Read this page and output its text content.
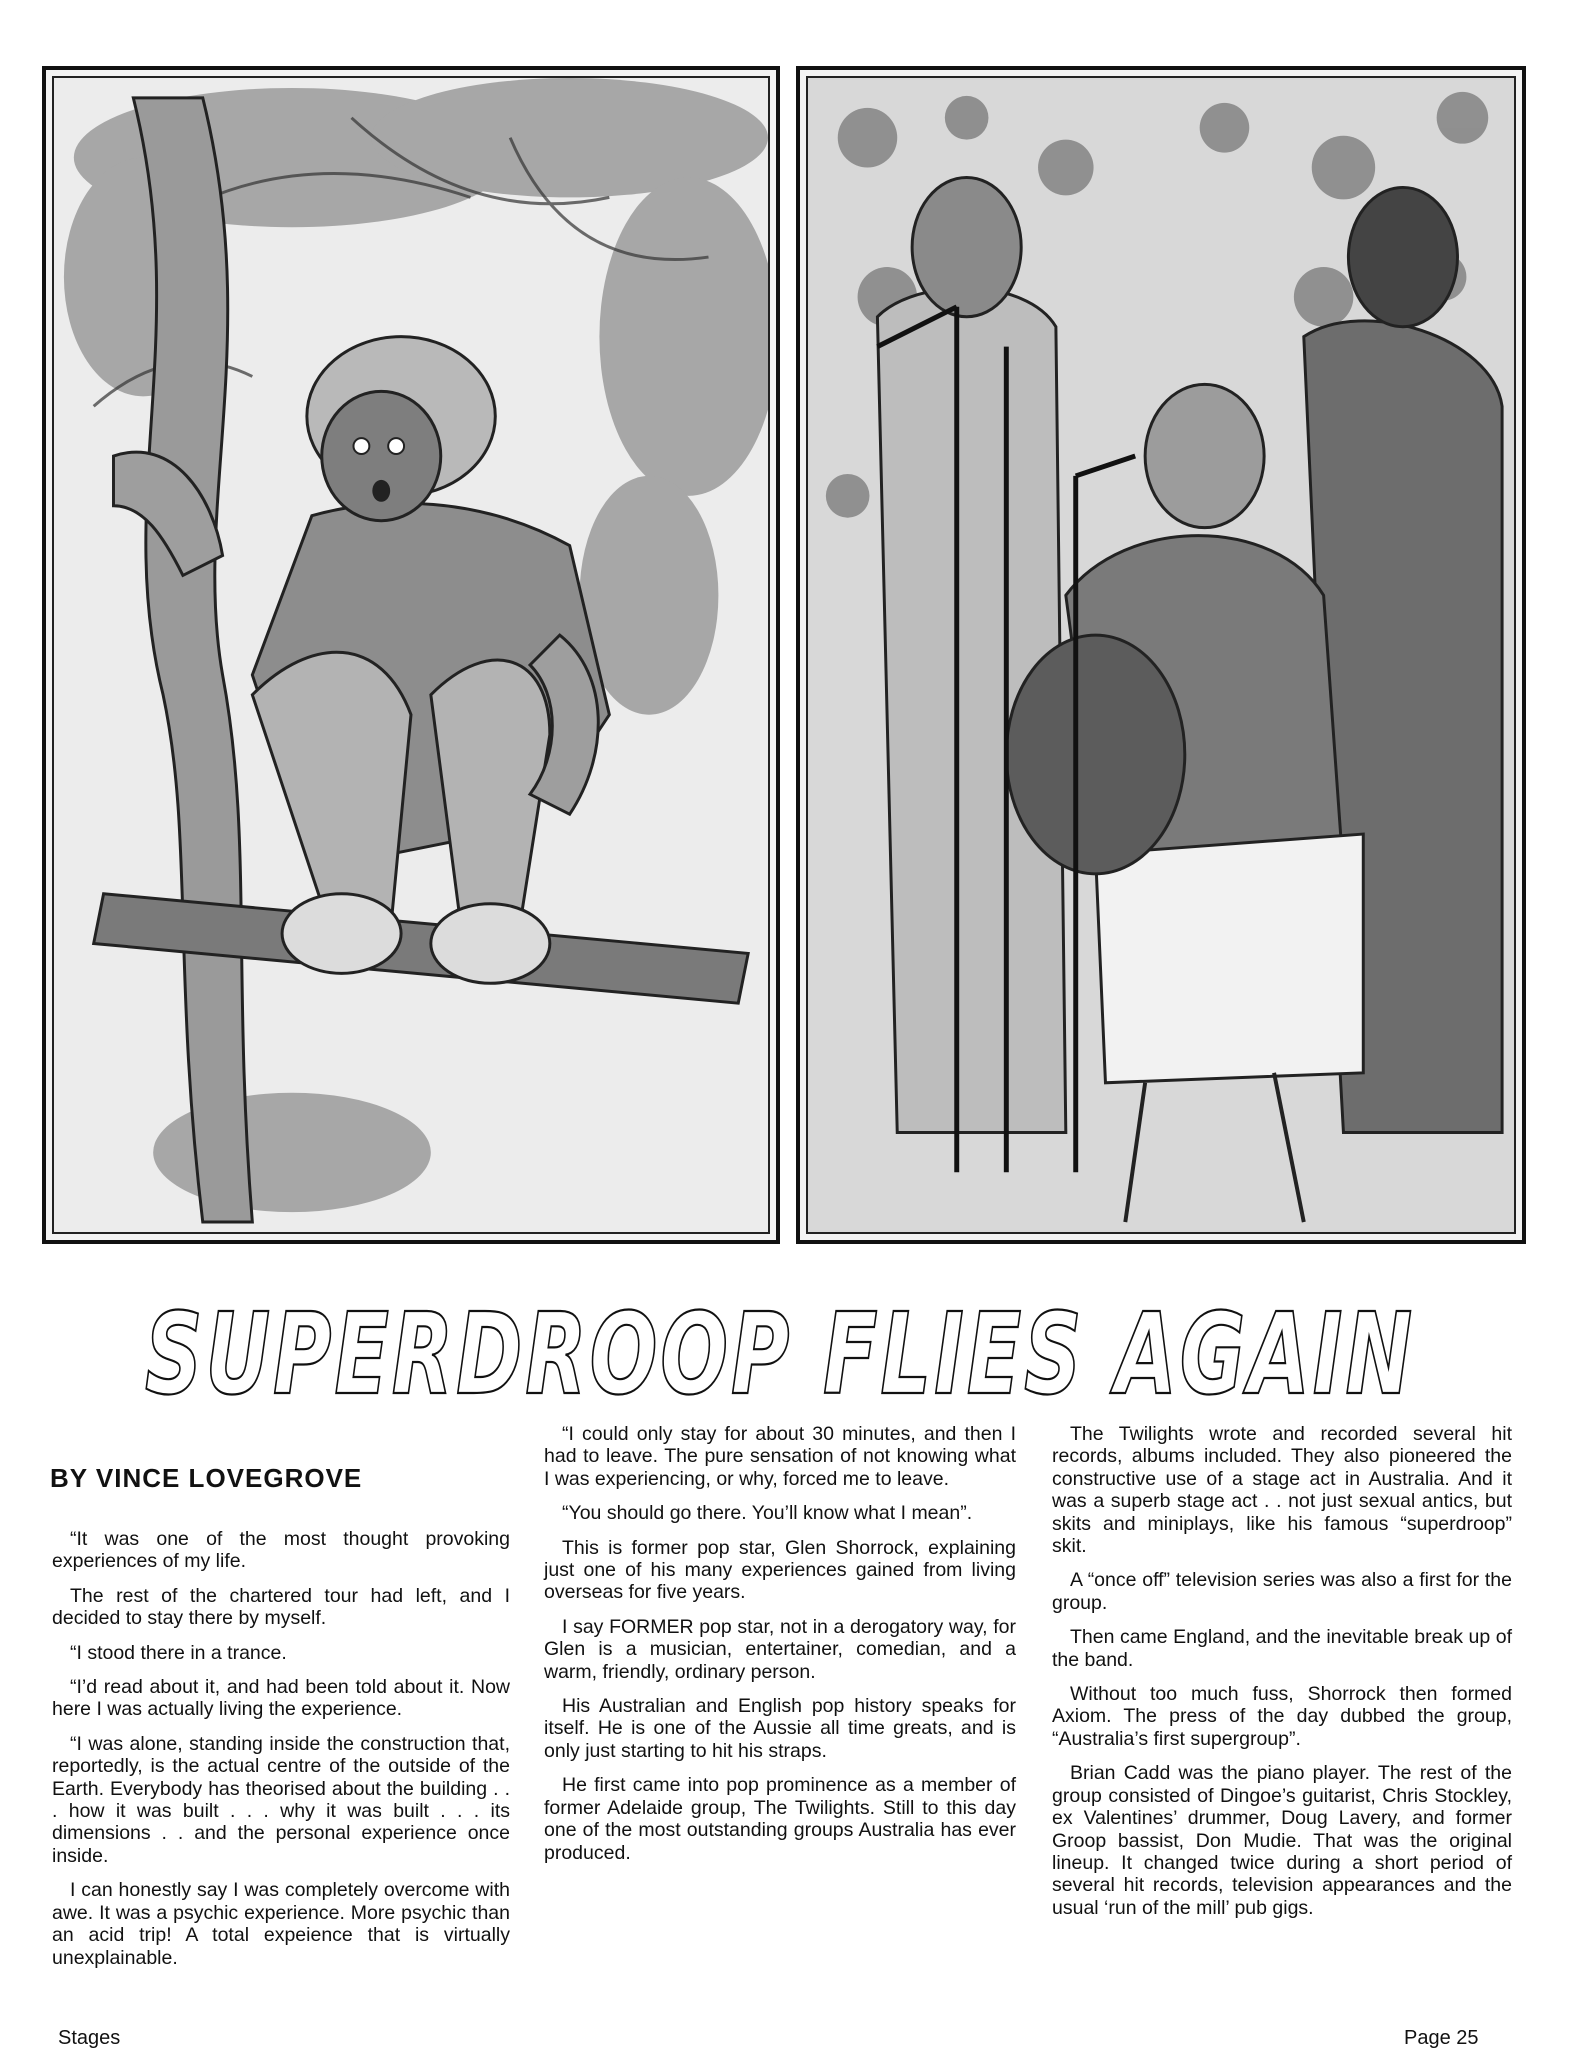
SUPERDROOP FLIES AGAIN
BY VINCE LOVEGROVE

“It was one of the most thought provoking experiences of my life.

The rest of the chartered tour had left, and I decided to stay there by myself.

“I stood there in a trance.

“I’d read about it, and had been told about it. Now here I was actually living the experience.

“I was alone, standing inside the construction that, reportedly, is the actual centre of the outside of the Earth. Everybody has theorised about the building . . . how it was built . . . why it was built . . . its dimensions . . and the personal experience once inside.

I can honestly say I was completely overcome with awe. It was a psychic experience. More psychic than an acid trip! A total expeience that is virtually unexplainable.

“I could only stay for about 30 minutes, and then I had to leave. The pure sensation of not knowing what I was experiencing, or why, forced me to leave.

“You should go there. You’ll know what I mean”.

This is former pop star, Glen Shorrock, explaining just one of his many experiences gained from living overseas for five years.

I say FORMER pop star, not in a derogatory way, for Glen is a musician, entertainer, comedian, and a warm, friendly, ordinary person.

His Australian and English pop history speaks for itself. He is one of the Aussie all time greats, and is only just starting to hit his straps.

He first came into pop prominence as a member of former Adelaide group, The Twilights. Still to this day one of the most outstanding groups Australia has ever produced.

The Twilights wrote and recorded several hit records, albums included. They also pioneered the constructive use of a stage act in Australia. And it was a superb stage act . . not just sexual antics, but skits and miniplays, like his famous “superdroop” skit.

A “once off” television series was also a first for the group.

Then came England, and the inevitable break up of the band.

Without too much fuss, Shorrock then formed Axiom. The press of the day dubbed the group, “Australia’s first supergroup”.

Brian Cadd was the piano player. The rest of the group consisted of Dingoe’s guitarist, Chris Stockley, ex Valentines’ drummer, Doug Lavery, and former Groop bassist, Don Mudie. That was the original lineup. It changed twice during a short period of several hit records, television appearances and the usual ‘run of the mill’ pub gigs.

Stages	Page 25
